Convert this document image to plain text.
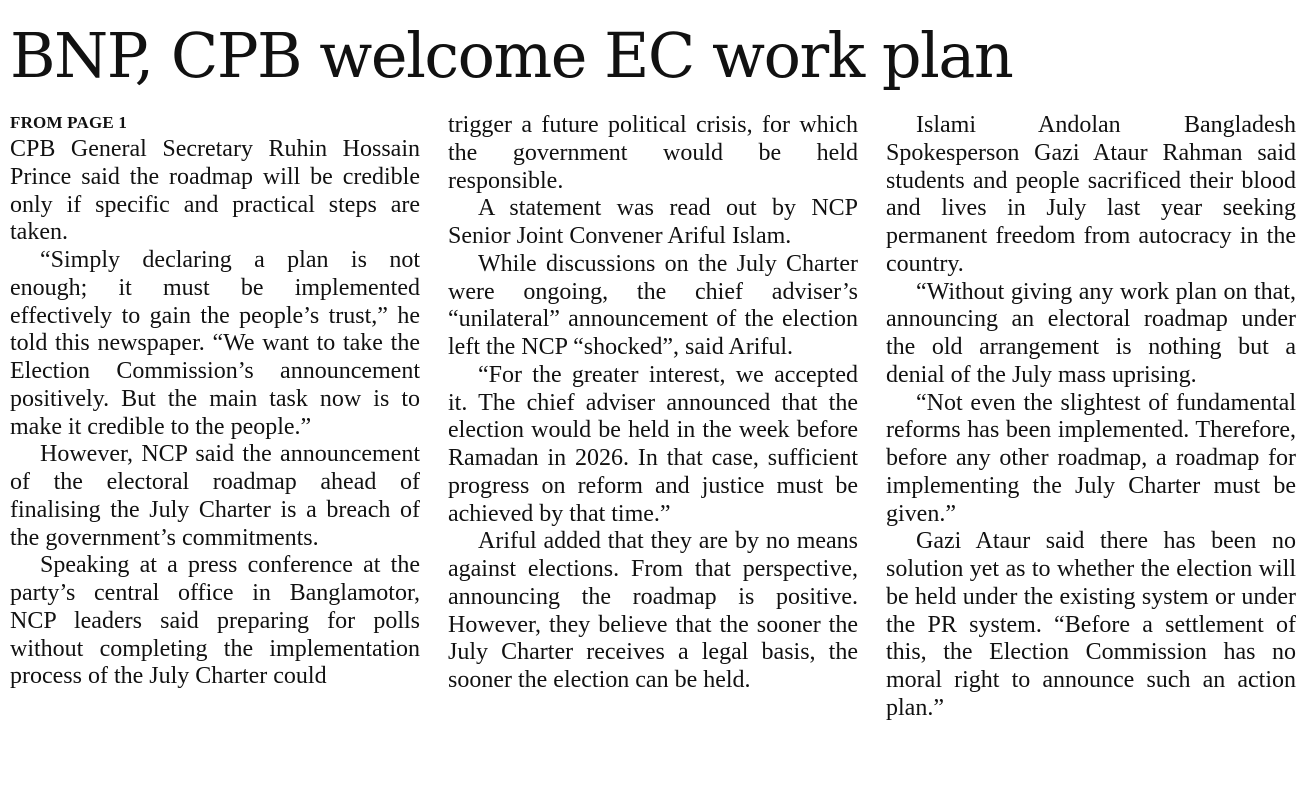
BNP, CPB welcome EC work plan
FROM PAGE 1

CPB General Secretary Ruhin Hossain Prince said the roadmap will be credible only if specific and practical steps are taken.

“Simply declaring a plan is not enough; it must be implemented effectively to gain the people’s trust,” he told this newspaper. “We want to take the Election Commission’s announcement positively. But the main task now is to make it credible to the people.”

However, NCP said the announcement of the electoral roadmap ahead of finalising the July Charter is a breach of the government’s commitments.

Speaking at a press conference at the party’s central office in Banglamotor, NCP leaders said preparing for polls without completing the implementation process of the July Charter could

trigger a future political crisis, for which the government would be held responsible.

A statement was read out by NCP Senior Joint Convener Ariful Islam.

While discussions on the July Charter were ongoing, the chief adviser’s “unilateral” announcement of the election left the NCP “shocked”, said Ariful.

“For the greater interest, we accepted it. The chief adviser announced that the election would be held in the week before Ramadan in 2026. In that case, sufficient progress on reform and justice must be achieved by that time.”

Ariful added that they are by no means against elections. From that perspective, announcing the roadmap is positive. However, they believe that the sooner the July Charter receives a legal basis, the sooner the election can be held.

Islami Andolan Bangladesh Spokesperson Gazi Ataur Rahman said students and people sacrificed their blood and lives in July last year seeking permanent freedom from autocracy in the country.

“Without giving any work plan on that, announcing an electoral roadmap under the old arrangement is nothing but a denial of the July mass uprising.

“Not even the slightest of fundamental reforms has been implemented. Therefore, before any other roadmap, a roadmap for implementing the July Charter must be given.”

Gazi Ataur said there has been no solution yet as to whether the election will be held under the existing system or under the PR system. “Before a settlement of this, the Election Commission has no moral right to announce such an action plan.”
